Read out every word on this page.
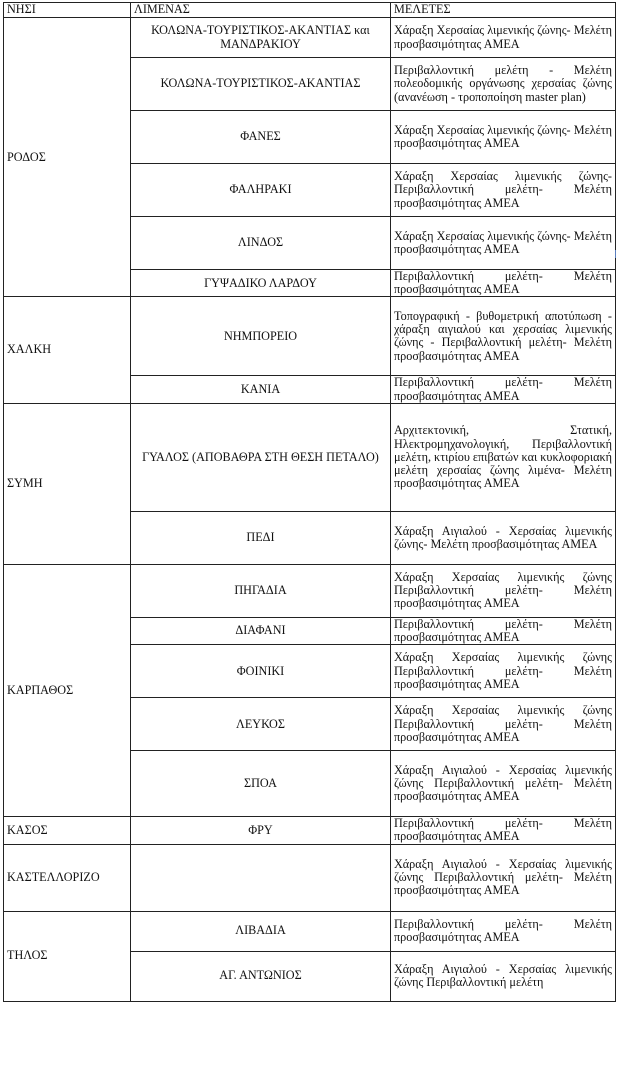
ΝΗΣΙ	ΛΙΜΕΝΑΣ	ΜΕΛΕΤΕΣ
ΡΟΔΟΣ	ΚΟΛΩΝΑ-ΤΟΥΡΙΣΤΙΚΟΣ-ΑΚΑΝΤΙΑΣ και ΜΑΝΔΡΑΚΙΟΥ	Χάραξη Χερσαίας λιμενικής ζώνης- Μελέτη προσβασιμότητας ΑΜΕΑ
	ΚΟΛΩΝΑ-ΤΟΥΡΙΣΤΙΚΟΣ-ΑΚΑΝΤΙΑΣ	Περιβαλλοντική μελέτη - Μελέτη πολεοδομικής οργάνωσης χερσαίας ζώνης (ανανέωση - τροποποίηση master plan)
	ΦΑΝΕΣ	Χάραξη Χερσαίας λιμενικής ζώνης- Μελέτη προσβασιμότητας ΑΜΕΑ
	ΦΑΛΗΡΑΚΙ	Χάραξη Χερσαίας λιμενικής ζώνης- Περιβαλλοντική μελέτη- Μελέτη προσβασιμότητας ΑΜΕΑ
	ΛΙΝΔΟΣ	Χάραξη Χερσαίας λιμενικής ζώνης- Μελέτη προσβασιμότητας ΑΜΕΑ
	ΓΥΨΑΔΙΚΟ ΛΑΡΔΟΥ	Περιβαλλοντική μελέτη- Μελέτη προσβασιμότητας ΑΜΕΑ
ΧΑΛΚΗ	ΝΗΜΠΟΡΕΙΟ	Τοπογραφική - βυθομετρική αποτύπωση - χάραξη αιγιαλού και χερσαίας λιμενικής ζώνης - Περιβαλλοντική μελέτη- Μελέτη προσβασιμότητας ΑΜΕΑ
	ΚΑΝΙΑ	Περιβαλλοντική μελέτη- Μελέτη προσβασιμότητας ΑΜΕΑ
ΣΥΜΗ	ΓΥΑΛΟΣ (ΑΠΟΒΑΘΡΑ ΣΤΗ ΘΕΣΗ ΠΕΤΑΛΟ)	Αρχιτεκτονική, Στατική, Ηλεκτρομηχανολογική, Περιβαλλοντική μελέτη, κτιρίου επιβατών και κυκλοφοριακή μελέτη χερσαίας ζώνης λιμένα- Μελέτη προσβασιμότητας ΑΜΕΑ
	ΠΕΔΙ	Χάραξη Αιγιαλού - Χερσαίας λιμενικής ζώνης- Μελέτη προσβασιμότητας ΑΜΕΑ
ΚΑΡΠΑΘΟΣ	ΠΗΓΑΔΙΑ	Χάραξη Χερσαίας λιμενικής ζώνης Περιβαλλοντική μελέτη- Μελέτη προσβασιμότητας ΑΜΕΑ
	ΔΙΑΦΑΝΙ	Περιβαλλοντική μελέτη- Μελέτη προσβασιμότητας ΑΜΕΑ
	ΦΟΙΝΙΚΙ	Χάραξη Χερσαίας λιμενικής ζώνης Περιβαλλοντική μελέτη- Μελέτη προσβασιμότητας ΑΜΕΑ
	ΛΕΥΚΟΣ	Χάραξη Χερσαίας λιμενικής ζώνης Περιβαλλοντική μελέτη- Μελέτη προσβασιμότητας ΑΜΕΑ
	ΣΠΟΑ	Χάραξη Αιγιαλού - Χερσαίας λιμενικής ζώνης Περιβαλλοντική μελέτη- Μελέτη προσβασιμότητας ΑΜΕΑ
ΚΑΣΟΣ	ΦΡΥ	Περιβαλλοντική μελέτη- Μελέτη προσβασιμότητας ΑΜΕΑ
ΚΑΣΤΕΛΛΟΡΙΖΟ		Χάραξη Αιγιαλού - Χερσαίας λιμενικής ζώνης Περιβαλλοντική μελέτη- Μελέτη προσβασιμότητας ΑΜΕΑ
ΤΗΛΟΣ	ΛΙΒΑΔΙΑ	Περιβαλλοντική μελέτη- Μελέτη προσβασιμότητας ΑΜΕΑ
	ΑΓ. ΑΝΤΩΝΙΟΣ	Χάραξη Αιγιαλού - Χερσαίας λιμενικής ζώνης Περιβαλλοντική μελέτη
